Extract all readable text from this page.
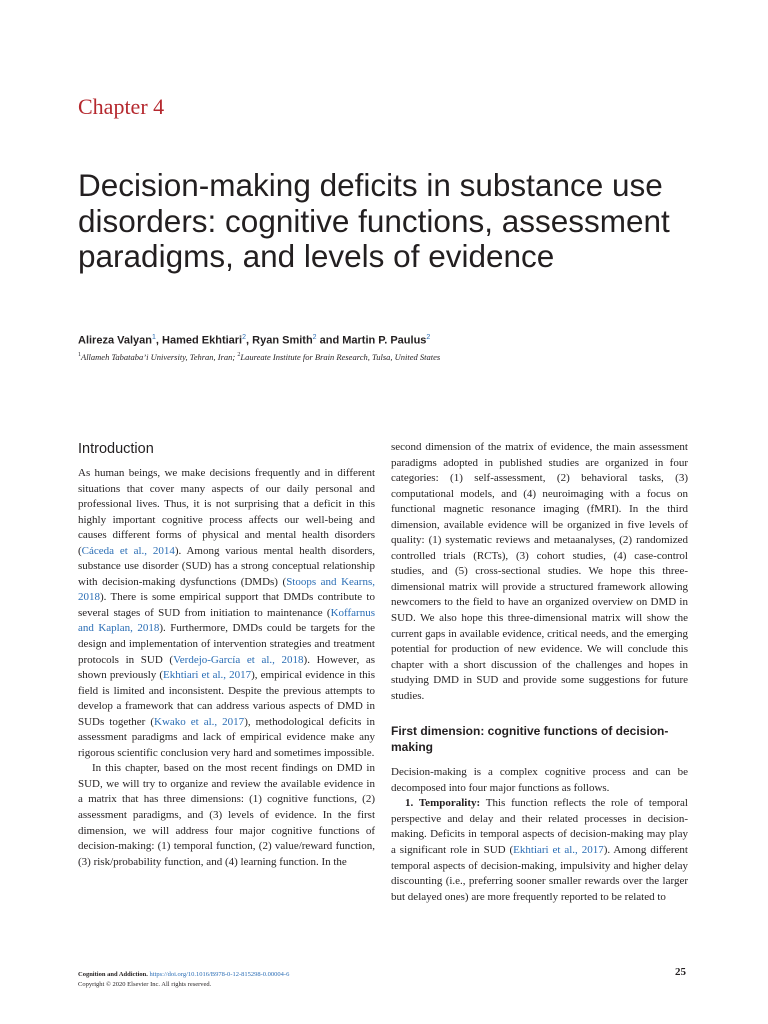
Chapter 4
Decision-making deficits in substance use disorders: cognitive functions, assessment paradigms, and levels of evidence
Alireza Valyan$^1$, Hamed Ekhtiari$^2$, Ryan Smith$^2$ and Martin P. Paulus$^2$
$^1$Allameh Tabataba’i University, Tehran, Iran; $^2$Laureate Institute for Brain Research, Tulsa, United States
Introduction

As human beings, we make decisions frequently and in different situations that cover many aspects of our daily personal and professional lives. Thus, it is not surprising that a deficit in this highly important cognitive process affects our well-being and causes different forms of physical and mental health disorders (Cáceda et al., 2014). Among various mental health disorders, substance use disorder (SUD) has a strong conceptual relationship with decision-making dysfunctions (DMDs) (Stoops and Kearns, 2018). There is some empirical support that DMDs contribute to several stages of SUD from initiation to maintenance (Koffarnus and Kaplan, 2018). Furthermore, DMDs could be targets for the design and implementation of intervention strategies and treatment protocols in SUD (Verdejo-García et al., 2018). However, as shown previously (Ekhtiari et al., 2017), empirical evidence in this field is limited and inconsistent. Despite the previous attempts to develop a framework that can address various aspects of DMD in SUDs together (Kwako et al., 2017), methodological deficits in assessment paradigms and lack of empirical evidence make any rigorous scientific conclusion very hard and sometimes impossible.

In this chapter, based on the most recent findings on DMD in SUD, we will try to organize and review the available evidence in a matrix that has three dimensions: (1) cognitive functions, (2) assessment paradigms, and (3) levels of evidence. In the first dimension, we will address four major cognitive functions of decision-making: (1) temporal function, (2) value/reward function, (3) risk/probability function, and (4) learning function. In the

second dimension of the matrix of evidence, the main assessment paradigms adopted in published studies are organized in four categories: (1) self-assessment, (2) behavioral tasks, (3) computational models, and (4) neuroimaging with a focus on functional magnetic resonance imaging (fMRI). In the third dimension, available evidence will be organized in five levels of quality: (1) systematic reviews and metaanalyses, (2) randomized controlled trials (RCTs), (3) cohort studies, (4) case-control studies, and (5) cross-sectional studies. We hope this three-dimensional matrix will provide a structured framework allowing newcomers to the field to have an organized overview on DMD in SUD. We also hope this three-dimensional matrix will show the current gaps in available evidence, critical needs, and the emerging potential for production of new evidence. We will conclude this chapter with a short discussion of the challenges and hopes in studying DMD in SUD and provide some suggestions for future studies.

First dimension: cognitive functions of decision-making

Decision-making is a complex cognitive process and can be decomposed into four major functions as follows.

1. Temporality: This function reflects the role of temporal perspective and delay and their related processes in decision-making. Deficits in temporal aspects of decision-making may play a significant role in SUD (Ekhtiari et al., 2017). Among different temporal aspects of decision-making, impulsivity and higher delay discounting (i.e., preferring sooner smaller rewards over the larger but delayed ones) are more frequently reported to be related to

Cognition and Addiction. https://doi.org/10.1016/B978-0-12-815298-0.00004-6
Copyright © 2020 Elsevier Inc. All rights reserved.
25
